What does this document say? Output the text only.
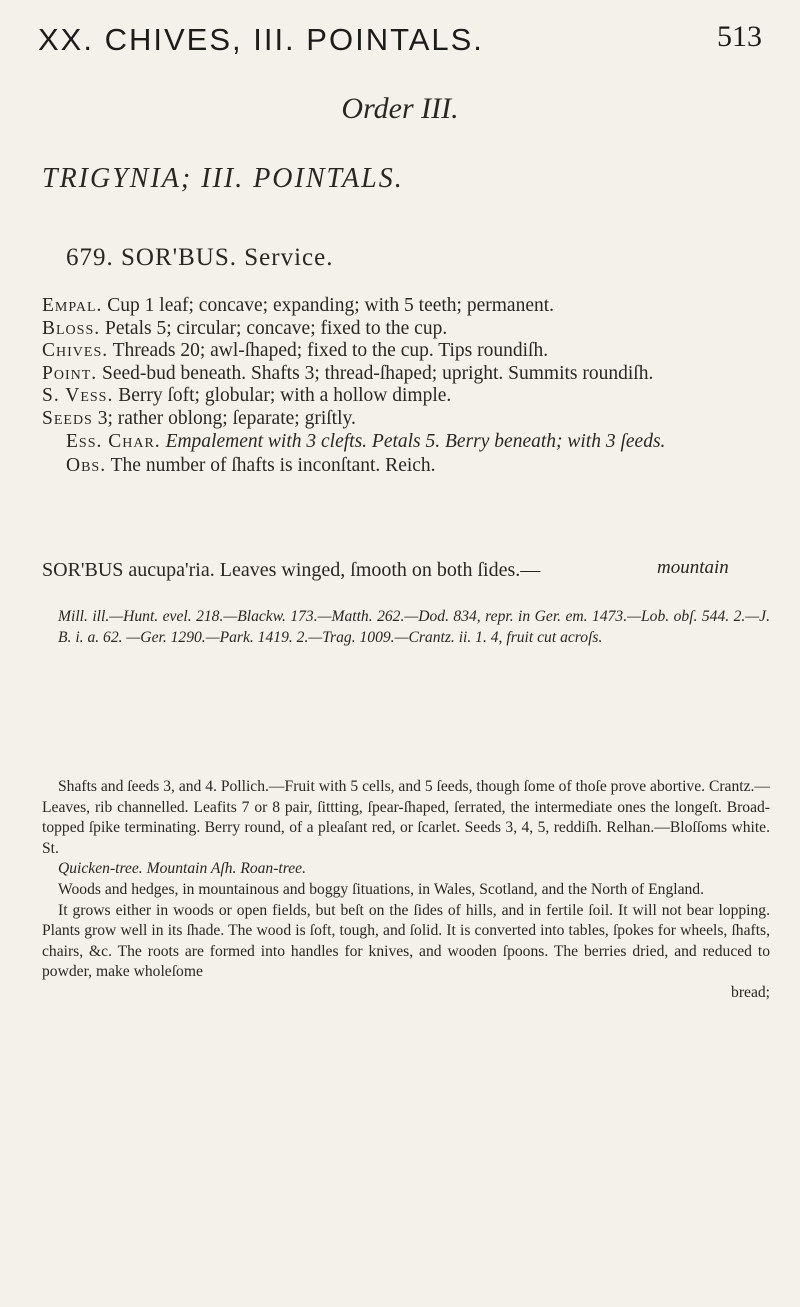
XX. CHIVES, III. POINTALS.	513
Order III.
TRIGYNIA; III. POINTALS.
679. SOR'BUS. Service.

Empal. Cup 1 leaf; concave; expanding; with 5 teeth; permanent.

Bloss. Petals 5; circular; concave; fixed to the cup.

Chives. Threads 20; awl-ſhaped; fixed to the cup. Tips roundiſh.

Point. Seed-bud beneath. Shafts 3; thread-ſhaped; upright. Summits roundiſh.

S. Vess. Berry ſoft; globular; with a hollow dimple.

Seeds 3; rather oblong; ſeparate; griſtly.

Ess. Char. Empalement with 3 clefts. Petals 5. Berry beneath; with 3 ſeeds.

Obs. The number of ſhafts is inconſtant. Reich.

SOR'BUS aucupa'ria. Leaves winged, ſmooth on both ſides.—	mountain

Mill. ill.—Hunt. evel. 218.—Blackw. 173.—Matth. 262.—Dod. 834, repr. in Ger. em. 1473.—Lob. obſ. 544. 2.—J. B. i. a. 62. —Ger. 1290.—Park. 1419. 2.—Trag. 1009.—Crantz. ii. 1. 4, fruit cut acroſs.

Shafts and ſeeds 3, and 4. Pollich.—Fruit with 5 cells, and 5 ſeeds, though ſome of thoſe prove abortive. Crantz.—Leaves, rib channelled. Leafits 7 or 8 pair, ſittting, ſpear-ſhaped, ſerrated, the intermediate ones the longeſt. Broad-topped ſpike terminating. Berry round, of a pleaſant red, or ſcarlet. Seeds 3, 4, 5, reddiſh. Relhan.—Bloſſoms white. St.

Quicken-tree. Mountain Aſh. Roan-tree.

Woods and hedges, in mountainous and boggy ſituations, in Wales, Scotland, and the North of England.

It grows either in woods or open fields, but beſt on the ſides of hills, and in fertile ſoil. It will not bear lopping. Plants grow well in its ſhade. The wood is ſoft, tough, and ſolid. It is converted into tables, ſpokes for wheels, ſhafts, chairs, &c. The roots are formed into handles for knives, and wooden ſpoons. The berries dried, and reduced to powder, make wholeſome

bread;
